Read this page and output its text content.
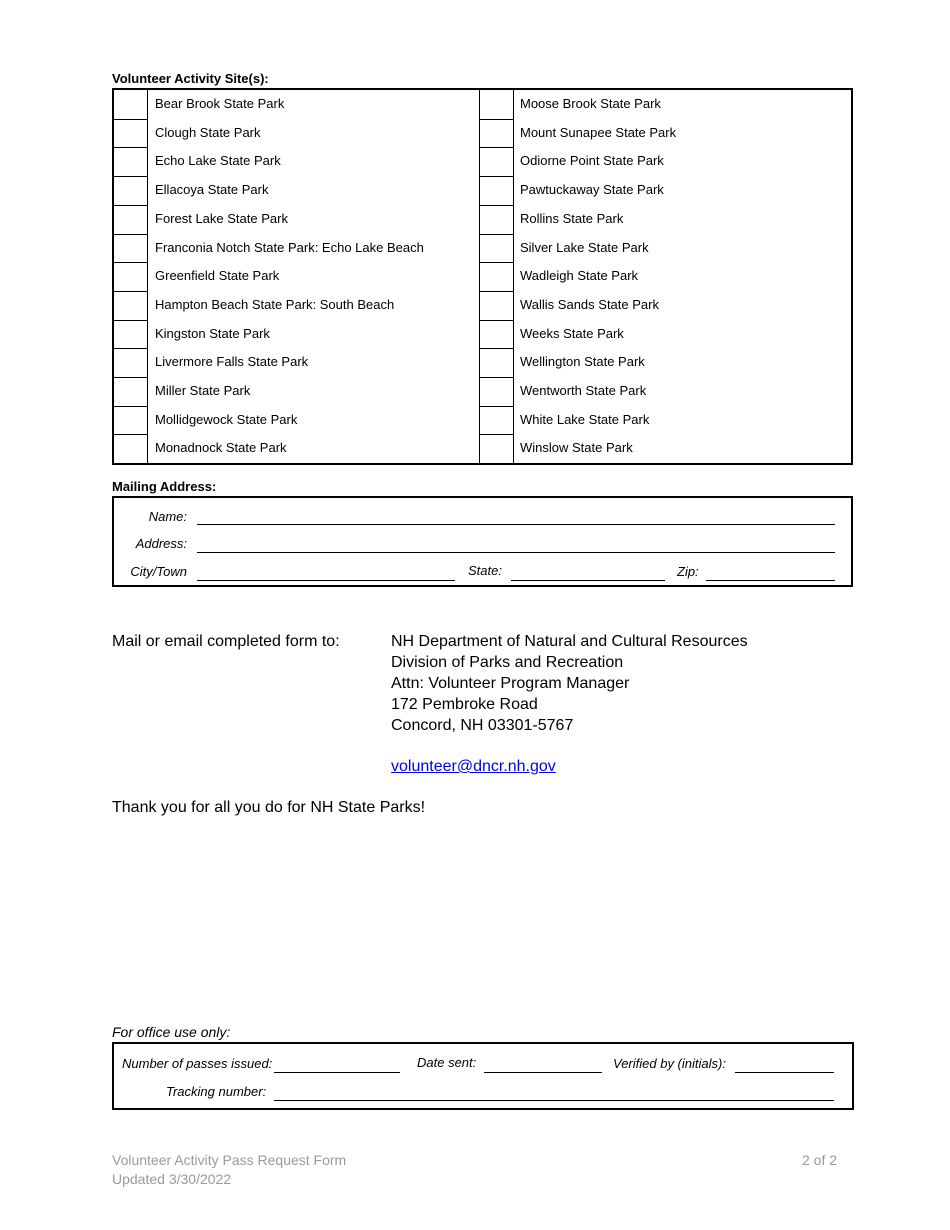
Volunteer Activity Site(s):
Bear Brook State Park	Moose Brook State Park
Clough State Park	Mount Sunapee State Park
Echo Lake State Park	Odiorne Point State Park
Ellacoya State Park	Pawtuckaway State Park
Forest Lake State Park	Rollins State Park
Franconia Notch State Park: Echo Lake Beach	Silver Lake State Park
Greenfield State Park	Wadleigh State Park
Hampton Beach State Park: South Beach	Wallis Sands State Park
Kingston State Park	Weeks State Park
Livermore Falls State Park	Wellington State Park
Miller State Park	Wentworth State Park
Mollidgewock State Park	White Lake State Park
Monadnock State Park	Winslow State Park
Mailing Address:
Name:
Address:
City/Town	State:	Zip:
Mail or email completed form to:	NH Department of Natural and Cultural Resources
Division of Parks and Recreation
Attn: Volunteer Program Manager
172 Pembroke Road
Concord, NH 03301-5767
volunteer@dncr.nh.gov
Thank you for all you do for NH State Parks!
For office use only:
Number of passes issued:	Date sent:	Verified by (initials):
Tracking number:
Volunteer Activity Pass Request Form
Updated 3/30/2022
2 of 2
